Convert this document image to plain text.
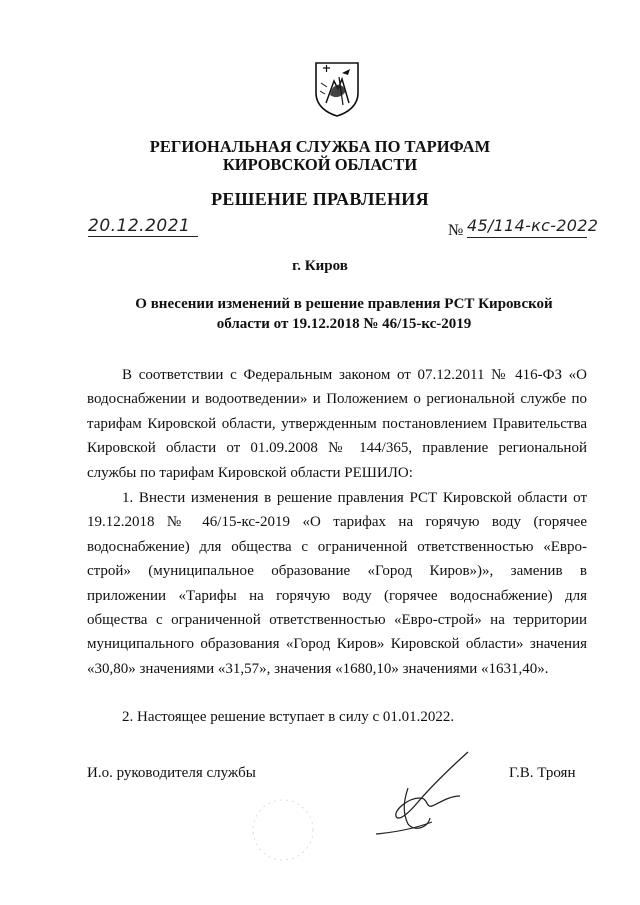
РЕГИОНАЛЬНАЯ СЛУЖБА ПО ТАРИФАМ
КИРОВСКОЙ ОБЛАСТИ
РЕШЕНИЕ ПРАВЛЕНИЯ
20.12.2021	№ 45/114-кс-2022
г. Киров
О внесении изменений в решение правления РСТ Кировской области от 19.12.2018 № 46/15-кс-2019

В соответствии с Федеральным законом от 07.12.2011 № 416-ФЗ «О водоснабжении и водоотведении» и Положением о региональной службе по тарифам Кировской области, утвержденным постановлением Правительства Кировской области от 01.09.2008 № 144/365, правление региональной службы по тарифам Кировской области РЕШИЛО:

1. Внести изменения в решение правления РСТ Кировской области от 19.12.2018 № 46/15-кс-2019 «О тарифах на горячую воду (горячее водоснабжение) для общества с ограниченной ответственностью «Евро-строй» (муниципальное образование «Город Киров»)», заменив в приложении «Тарифы на горячую воду (горячее водоснабжение) для общества с ограниченной ответственностью «Евро-строй» на территории муниципального образования «Город Киров» Кировской области» значения «30,80» значениями «31,57», значения «1680,10» значениями «1631,40».

2. Настоящее решение вступает в силу с 01.01.2022.

И.о. руководителя службы	Г.В. Троян
